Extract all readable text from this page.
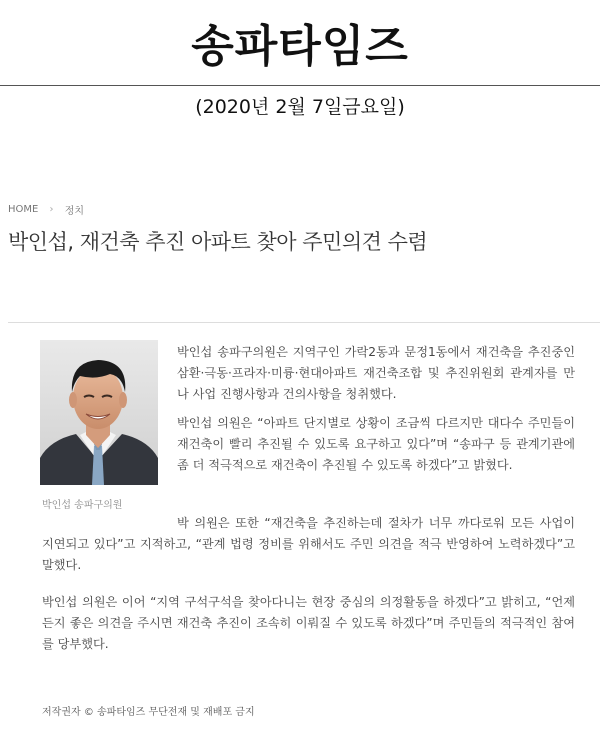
송파타임즈
(2020년 2월 7일금요일)
HOME › 정치
박인섭, 재건축 추진 아파트 찾아 주민의견 수렴
박인섭 송파구의원

박인섭 송파구의원은 지역구인 가락2동과 문정1동에서 재건축을 추진중인 삼환·극동·프라자·미륭·현대아파트 재건축조합 및 추진위원회 관계자를 만나 사업 진행사항과 건의사항을 청취했다.

박인섭 의원은 “아파트 단지별로 상황이 조금씩 다르지만 대다수 주민들이 재건축이 빨리 추진될 수 있도록 요구하고 있다”며 “송파구 등 관계기관에 좀 더 적극적으로 재건축이 추진될 수 있도록 하겠다”고 밝혔다.

박 의원은 또한 “재건축을 추진하는데 절차가 너무 까다로워 모든 사업이 지연되고 있다”고 지적하고, “관계 법령 정비를 위해서도 주민 의견을 적극 반영하여 노력하겠다”고 말했다.

박인섭 의원은 이어 “지역 구석구석을 찾아다니는 현장 중심의 의정활동을 하겠다”고 밝히고, “언제든지 좋은 의견을 주시면 재건축 추진이 조속히 이뤄질 수 있도록 하겠다”며 주민들의 적극적인 참여를 당부했다.

저작권자 © 송파타임즈 무단전재 및 재배포 금지
